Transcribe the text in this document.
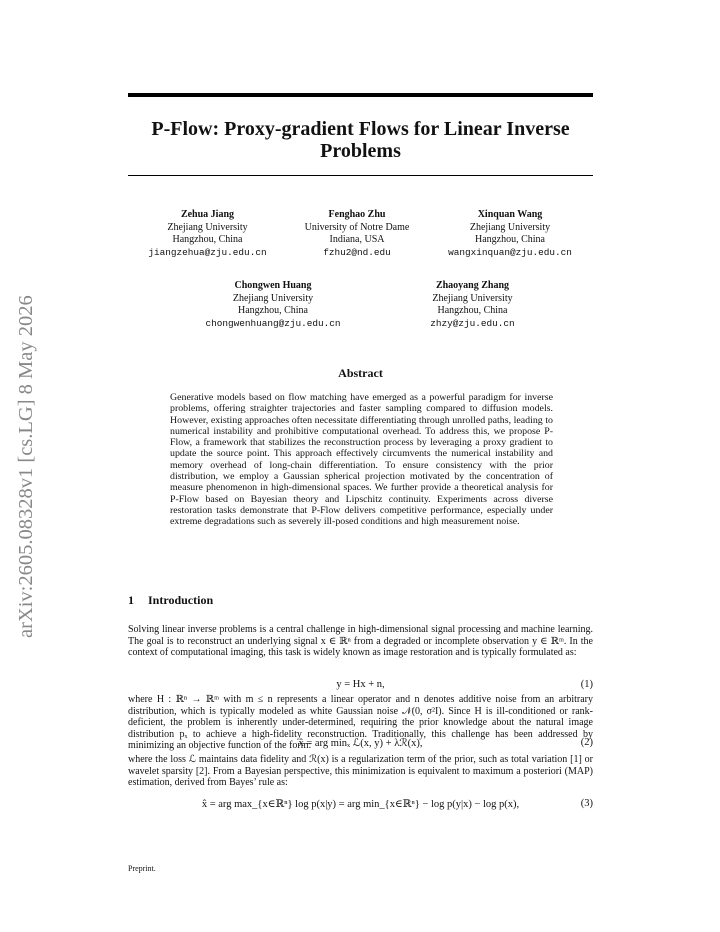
arXiv:2605.08328v1 [cs.LG] 8 May 2026
P-Flow: Proxy-gradient Flows for Linear Inverse Problems
Zehua Jiang
Zhejiang University
Hangzhou, China
jiangzehua@zju.edu.cn
Fenghao Zhu
University of Notre Dame
Indiana, USA
fzhu2@nd.edu
Xinquan Wang
Zhejiang University
Hangzhou, China
wangxinquan@zju.edu.cn
Chongwen Huang
Zhejiang University
Hangzhou, China
chongwenhuang@zju.edu.cn
Zhaoyang Zhang
Zhejiang University
Hangzhou, China
zhzy@zju.edu.cn
Abstract

Generative models based on flow matching have emerged as a powerful paradigm for inverse problems, offering straighter trajectories and faster sampling compared to diffusion models. However, existing approaches often necessitate differentiating through unrolled paths, leading to numerical instability and prohibitive computational overhead. To address this, we propose P-Flow, a framework that stabilizes the reconstruction process by leveraging a proxy gradient to update the source point. This approach effectively circumvents the numerical instability and memory overhead of long-chain differentiation. To ensure consistency with the prior distribution, we employ a Gaussian spherical projection motivated by the concentration of measure phenomenon in high-dimensional spaces. We further provide a theoretical analysis for P-Flow based on Bayesian theory and Lipschitz continuity. Experiments across diverse restoration tasks demonstrate that P-Flow delivers competitive performance, especially under extreme degradations such as severely ill-posed conditions and high measurement noise.

1 Introduction

Solving linear inverse problems is a central challenge in high-dimensional signal processing and machine learning. The goal is to reconstruct an underlying signal x ∈ ℝⁿ from a degraded or incomplete observation y ∈ ℝᵐ. In the context of computational imaging, this task is widely known as image restoration and is typically formulated as:

y = Hx + n,	(1)

where H : ℝⁿ → ℝᵐ with m ≤ n represents a linear operator and n denotes additive noise from an arbitrary distribution, which is typically modeled as white Gaussian noise 𝒩(0, σ²I). Since H is ill-conditioned or rank-deficient, the problem is inherently under-determined, requiring the prior knowledge about the natural image distribution pₓ to achieve a high-fidelity reconstruction. Traditionally, this challenge has been addressed by minimizing an objective function of the form:

x̂ = arg minₓ ℒ(x, y) + λℛ(x),	(2)

where the loss ℒ maintains data fidelity and ℛ(x) is a regularization term of the prior, such as total variation [1] or wavelet sparsity [2]. From a Bayesian perspective, this minimization is equivalent to maximum a posteriori (MAP) estimation, derived from Bayes’ rule as:

x̂ = arg max_{x∈ℝⁿ} log p(x|y) = arg min_{x∈ℝⁿ} − log p(y|x) − log p(x),	(3)

Preprint.
